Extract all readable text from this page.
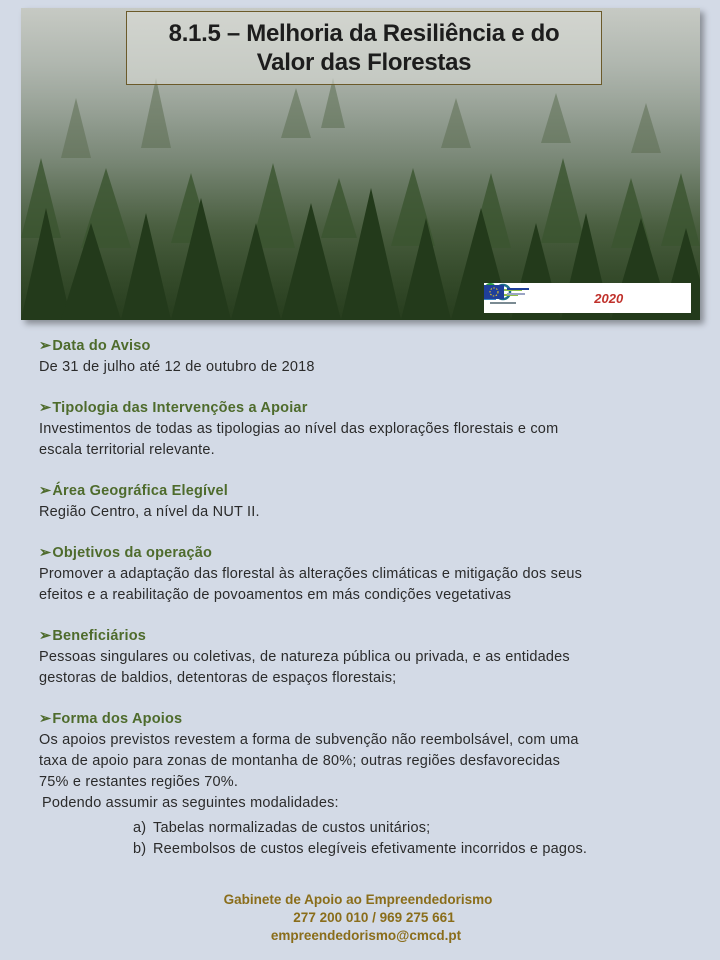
8.1.5 – Melhoria da Resiliência e do
Valor das Florestas
2020
➢Data do Aviso
De 31 de julho até 12 de outubro de 2018
➢Tipologia das Intervenções a Apoiar
Investimentos de todas as tipologias ao nível das explorações florestais e com
escala territorial relevante.
➢Área Geográfica Elegível
Região Centro, a nível da NUT II.
➢Objetivos da operação
Promover a adaptação das florestal às alterações climáticas e mitigação dos seus
efeitos e a reabilitação de povoamentos em más condições vegetativas
➢Beneficiários
Pessoas singulares ou coletivas, de natureza pública ou privada, e as entidades
gestoras de baldios, detentoras de espaços florestais;
➢Forma dos Apoios
Os apoios previstos revestem a forma de subvenção não reembolsável, com uma
taxa de apoio para zonas de montanha de 80%; outras regiões desfavorecidas
75% e restantes regiões 70%.
Podendo assumir as seguintes modalidades:
a) Tabelas normalizadas de custos unitários;
b) Reembolsos de custos elegíveis efetivamente incorridos e pagos.
Gabinete de Apoio ao Empreendedorismo
277 200 010 / 969 275 661
empreendedorismo@cmcd.pt
